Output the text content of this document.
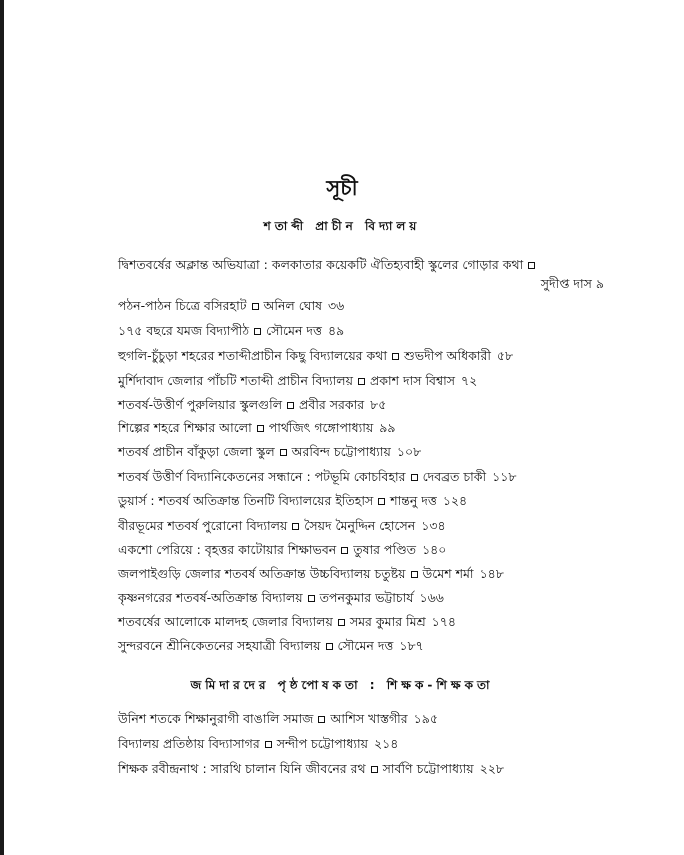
সূচী
শতাব্দী প্রাচীন বিদ্যালয়
দ্বিশতবর্ষের অক্লান্ত অভিযাত্রা : কলকাতার কয়েকটি ঐতিহ্যবাহী স্কুলের গোড়ার কথা
সুদীপ্ত দাস ৯
পঠন-পাঠন চিত্রে বসিরহাট অনিল ঘোষ ৩৬
১৭৫ বছরে যমজ বিদ্যাপীঠ সৌমেন দত্ত ৪৯
হুগলি-চুঁচুড়া শহরের শতাব্দীপ্রাচীন কিছু বিদ্যালয়ের কথা শুভদীপ অধিকারী ৫৮
মুর্শিদাবাদ জেলার পাঁচটি শতাব্দী প্রাচীন বিদ্যালয় প্রকাশ দাস বিশ্বাস ৭২
শতবর্ষ-উত্তীর্ণ পুরুলিয়ার স্কুলগুলি প্রবীর সরকার ৮৫
শিল্পের শহরে শিক্ষার আলো পার্থজিৎ গঙ্গোপাধ্যায় ৯৯
শতবর্ষ প্রাচীন বাঁকুড়া জেলা স্কুল অরবিন্দ চট্টোপাধ্যায় ১০৮
শতবর্ষ উত্তীর্ণ বিদ্যানিকেতনের সন্ধানে : পটভূমি কোচবিহার দেবব্রত চাকী ১১৮
ডুয়ার্স : শতবর্ষ অতিক্রান্ত তিনটি বিদ্যালয়ের ইতিহাস শান্তনু দত্ত ১২৪
বীরভূমের শতবর্ষ পুরোনো বিদ্যালয় সৈয়দ মৈনুদ্দিন হোসেন ১৩৪
একশো পেরিয়ে : বৃহত্তর কাটোয়ার শিক্ষাভবন তুষার পণ্ডিত ১৪০
জলপাইগুড়ি জেলার শতবর্ষ অতিক্রান্ত উচ্চবিদ্যালয় চতুষ্টয় উমেশ শর্মা ১৪৮
কৃষ্ণনগরের শতবর্ষ-অতিক্রান্ত বিদ্যালয় তপনকুমার ভট্টাচার্য ১৬৬
শতবর্ষের আলোকে মালদহ জেলার বিদ্যালয় সমর কুমার মিশ্র ১৭৪
সুন্দরবনে শ্রীনিকেতনের সহযাত্রী বিদ্যালয় সৌমেন দত্ত ১৮৭
জমিদারদের পৃষ্ঠপোষকতা : শিক্ষক-শিক্ষকতা
উনিশ শতকে শিক্ষানুরাগী বাঙালি সমাজ আশিস খাস্তগীর ১৯৫
বিদ্যালয় প্রতিষ্ঠায় বিদ্যাসাগর সন্দীপ চট্টোপাধ্যায় ২১৪
শিক্ষক রবীন্দ্রনাথ : সারথি চালান যিনি জীবনের রথ সার্বণি চট্টোপাধ্যায় ২২৮
